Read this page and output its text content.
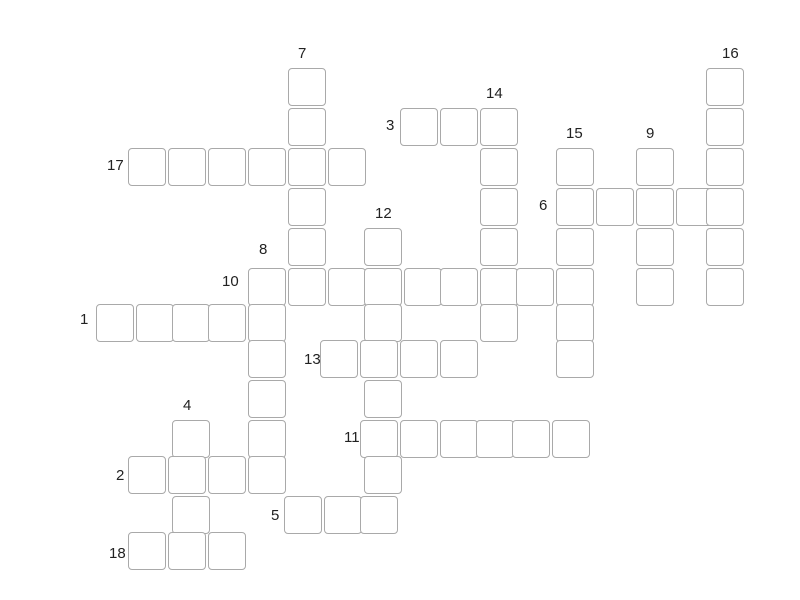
7	16
14
3	15	9
17
6
12
8
10
1
13
4
11
2
5
18
